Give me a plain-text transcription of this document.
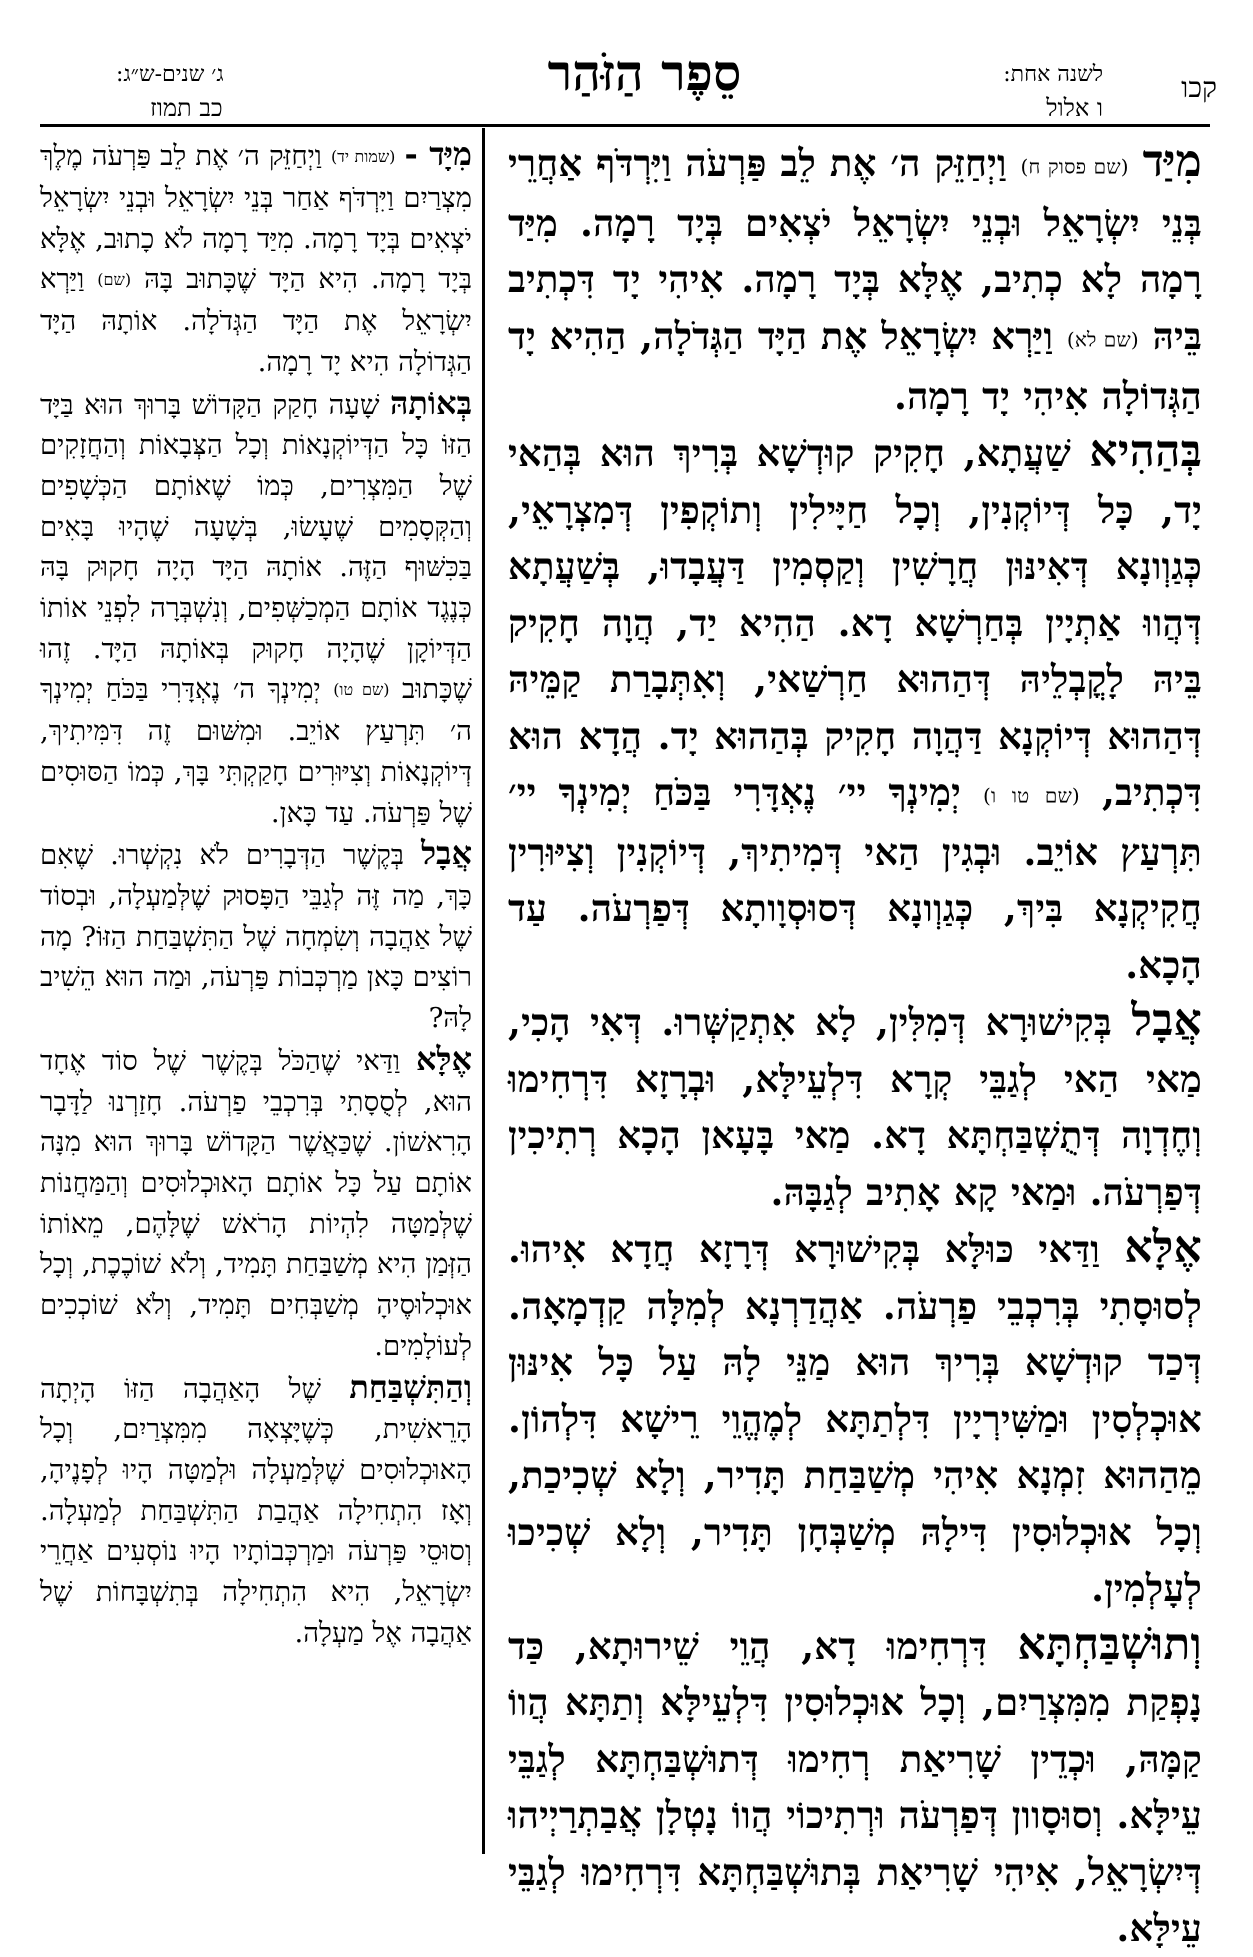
קכו
לשנה אחת:
ו אלול
סֵפֶר הַזֹּהַר
ג׳ שנים-ש״ג:
כב תמוז

מִיַּד (שם פסוק ח) וַיְחַזֵּק ה׳ אֶת לֵב פַּרְעֹה וַיִּרְדֹּף אַחֲרֵי בְּנֵי יִשְׂרָאֵל וּבְנֵי יִשְׂרָאֵל יֹצְאִים בְּיָד רָמָה. מִיַּד רָמָה לָא כְתִיב, אֶלָּא בְּיָד רָמָה. אִיהִי יָד דִּכְתִיב בֵּיהּ (שם לא) וַיַּרְא יִשְׂרָאֵל אֶת הַיָּד הַגְּדֹלָה, הַהִיא יָד הַגְּדוֹלָה אִיהִי יָד רָמָה.

בְּהַהִיא שַׁעֲתָא, חָקִיק קוּדְשָׁא בְּרִיךְ הוּא בְּהַאי יָד, כָּל דְּיוֹקְנִין, וְכָל חַיָּילִין וְתוֹקְפִין דְּמִצְרָאֵי, כְּגַוְונָא דְּאִינּוּן חֲרָשִׁין וְקַסְמִין דַּעֲבָדוּ, בְּשַׁעֲתָא דְּהֲווּ אַתְיָין בְּחַרְשָׁא דָא. הַהִיא יַד, הֲוָה חָקִיק בֵּיהּ לָקֳבְלֵיהּ דְּהַהוּא חַרְשַׁאי, וְאִתְּבָרַת קַמֵּיהּ דְּהַהוּא דְּיוֹקְנָא דַּהֲוָה חָקִיק בְּהַהוּא יָד. הֲדָא הוּא דִּכְתִיב, (שם טו ו) יְמִינְךָ יי׳ נֶאְדָּרִי בַּכֹּחַ יְמִינְךָ יי׳ תִּרְעַץ אוֹיֵב. וּבְגִין הַאי דְּמִיתִיךְ, דְּיוֹקְנִין וְצִיּוּרִין חֲקִיקְנָא בִּיךְ, כְּגַוְונָא דְּסוּסְוָותָא דְּפַרְעֹה. עַד הָכָא.

אֲבָל בְּקִישׁוּרָא דְּמִלִּין, לָא אִתְקַשְּׁרוּ. דְּאִי הָכִי, מַאי הַאי לְגַבֵּי קְרָא דִּלְעֵילָּא, וּבְרָזָא דִּרְחִימוּ וְחֶדְוָה דְּתֻשְׁבַּחְתָּא דָא. מַאי בָּעָאן הָכָא רְתִיכִין דְּפַרְעֹה. וּמַאי קָא אָתִיב לְגַבָּהּ.

אֶלָּא וַדַּאי כּוּלָּא בְּקִישׁוּרָא דְּרָזָא חֲדָא אִיהוּ. לְסוּסָתִי בְּרִכְבֵי פַרְעֹה. אַהֲדַרְנָא לְמִלָּה קַדְמָאָה. דְּכַד קוּדְשָׁא בְּרִיךְ הוּא מַנֵּי לָהּ עַל כָּל אִינּוּן אוּכְלְסִין וּמַשִּׁירְיָין דִּלְתַתָּא לְמֶהֱוֵי רֵישָׁא דִּלְהוֹן. מֵהַהוּא זִמְנָא אִיהִי מְשַׁבַּחַת תָּדִיר, וְלָא שְׁכִיכַת, וְכָל אוּכְלוּסִין דִּילָהּ מְשַׁבְּחָן תָּדִיר, וְלָא שְׁכִיכוּ לְעָלְמִין.

וְתוּשְׁבַּחְתָּא דִּרְחִימוּ דָא, הֲוֵי שֵׁירוּתָא, כַּד נָפְקַת מִמִּצְרַיִם, וְכָל אוּכְלוּסִין דִּלְעֵילָּא וְתַתָּא הֲווֹ קַמָּהּ, וּכְדֵין שָׁרִיאַת רְחִימוּ דְּתוּשְׁבַּחְתָּא לְגַבֵּי עֵילָּא. וְסוּסָוון דְּפַרְעֹה וּרְתִיכוֹי הֲווֹ נָטְלָן אֲבַתְרַיְיהוּ דְּיִשְׂרָאֵל, אִיהִי שָׁרִיאַת בְּתוּשְׁבַּחְתָּא דִּרְחִימוּ לְגַבֵּי עֵילָּא.

מִיָּד - (שמות יד) וַיְחַזֵּק ה׳ אֶת לֵב פַּרְעֹה מֶלֶךְ מִצְרַיִם וַיִּרְדֹּף אַחַר בְּנֵי יִשְׂרָאֵל וּבְנֵי יִשְׂרָאֵל יֹצְאִים בְּיָד רָמָה. מִיַּד רָמָה לֹא כָתוּב, אֶלָּא בְּיָד רָמָה. הִיא הַיָּד שֶׁכָּתוּב בָּהּ (שם) וַיַּרְא יִשְׂרָאֵל אֶת הַיָּד הַגְּדֹלָה. אוֹתָהּ הַיָּד הַגְּדוֹלָה הִיא יָד רָמָה.

בְּאוֹתָהּ שָׁעָה חָקַק הַקָּדוֹשׁ בָּרוּךְ הוּא בַּיָּד הַזּוֹ כָּל הַדְּיוֹקְנָאוֹת וְכָל הַצְּבָאוֹת וְהַחֲזָקִים שֶׁל הַמִּצְרִים, כְּמוֹ שֶׁאוֹתָם הַכְּשָׁפִים וְהַקְּסָמִים שֶׁעָשׂוּ, בְּשָׁעָה שֶׁהָיוּ בָּאִים בַּכִּשּׁוּף הַזֶּה. אוֹתָהּ הַיָּד הָיָה חָקוּק בָּהּ כְּנֶגֶד אוֹתָם הַמְכַשְּׁפִים, וְנִשְׁבְּרָה לִפְנֵי אוֹתוֹ הַדְּיוֹקָן שֶׁהָיָה חָקוּק בְּאוֹתָהּ הַיָּד. זֶהוּ שֶׁכָּתוּב (שם טו) יְמִינְךָ ה׳ נֶאְדָּרִי בַּכֹּחַ יְמִינְךָ ה׳ תִּרְעַץ אוֹיֵב. וּמִשּׁוּם זֶה דִּמִּיתִיךְ, דְּיוֹקְנָאוֹת וְצִיּוּרִים חָקַקְתִּי בָּךְ, כְּמוֹ הַסּוּסִים שֶׁל פַּרְעֹה. עַד כָּאן.

אֲבָל בְּקֶשֶׁר הַדְּבָרִים לֹא נִקְשְׁרוּ. שֶׁאִם כָּךְ, מַה זֶּה לְגַבֵּי הַפָּסוּק שֶׁלְּמַעְלָה, וּבְסוֹד שֶׁל אַהֲבָה וְשִׂמְחָה שֶׁל הַתִּשְׁבַּחַת הַזּוֹ? מָה רוֹצִים כָּאן מַרְכְּבוֹת פַּרְעֹה, וּמַה הוּא הֵשִׁיב לָהּ?

אֶלָּא וַדַּאי שֶׁהַכֹּל בְּקֶשֶׁר שֶׁל סוֹד אֶחָד הוּא, לְסֻסָתִי בְּרִכְבֵי פַרְעֹה. חָזַרְנוּ לַדָּבָר הָרִאשׁוֹן. שֶׁכַּאֲשֶׁר הַקָּדוֹשׁ בָּרוּךְ הוּא מִנָּה אוֹתָם עַל כָּל אוֹתָם הָאוּכְלוּסִים וְהַמַּחֲנוֹת שֶׁלְּמַטָּה לִהְיוֹת הָרֹאשׁ שֶׁלָּהֶם, מֵאוֹתוֹ הַזְּמַן הִיא מְשַׁבַּחַת תָּמִיד, וְלֹא שׁוֹכֶכֶת, וְכָל אוּכְלוּסֶיהָ מְשַׁבְּחִים תָּמִיד, וְלֹא שׁוֹכְכִים לְעוֹלָמִים.

וְהַתִּשְׁבַּחַת שֶׁל הָאַהֲבָה הַזּוֹ הָיְתָה הָרֵאשִׁית, כְּשֶׁיָּצְאָה מִמִּצְרַיִם, וְכָל הָאוּכְלוּסִים שֶׁלְּמַעְלָה וּלְמַטָּה הָיוּ לְפָנֶיהָ, וְאָז הִתְחִילָה אַהֲבַת הַתִּשְׁבַּחַת לְמַעְלָה. וְסוּסֵי פַּרְעֹה וּמַרְכְּבוֹתָיו הָיוּ נוֹסְעִים אַחֲרֵי יִשְׂרָאֵל, הִיא הִתְחִילָה בְּתִשְׁבָּחוֹת שֶׁל אַהֲבָה אֶל מַעְלָה.
